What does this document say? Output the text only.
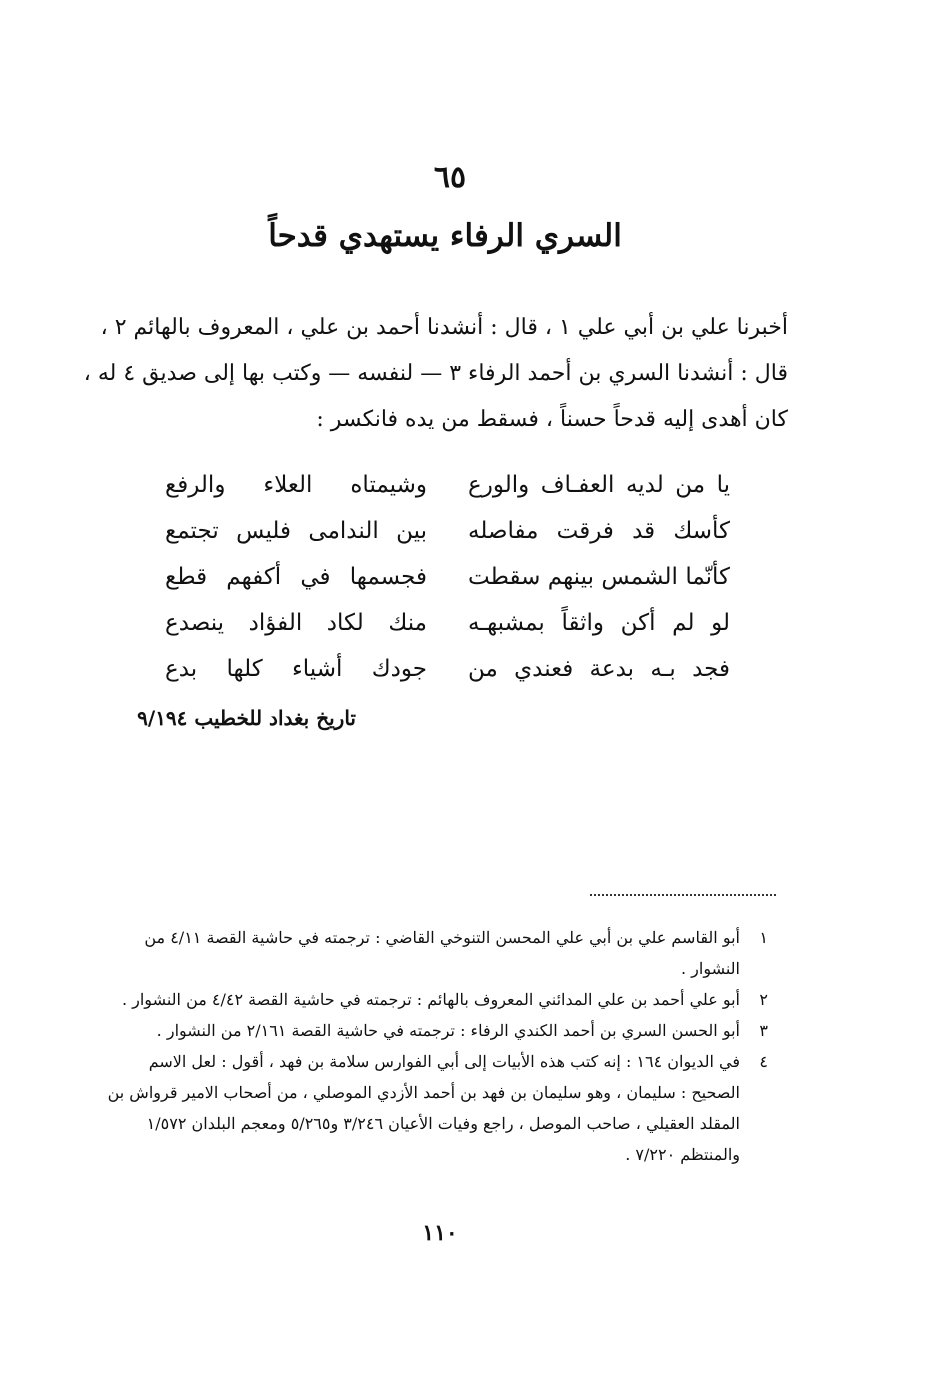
٦٥
السري الرفاء يستهدي قدحاً
أخبرنا علي بن أبي علي ١ ، قال : أنشدنا أحمد بن علي ، المعروف بالهائم ٢ ،
قال : أنشدنا السري بن أحمد الرفاء ٣ — لنفسه — وكتب بها إلى صديق ٤ له ،
كان أهدى إليه قدحاً حسناً ، فسقط من يده فانكسر :
يا من لديه العفـاف والورع
وشيمتاه العلاء والرفع
كأسك قد فرقت مفاصله
بين الندامى فليس تجتمع
كأنّما الشمس بينهم سقطت
فجسمها في أكفهم قطع
لو لم أكن واثقاً بمشبهـه
منك لكاد الفؤاد ينصدع
فجد بـه بدعة فعندي من
جودك أشياء كلها بدع
تاريخ بغداد للخطيب ٩/١٩٤
١
أبو القاسم علي بن أبي علي المحسن التنوخي القاضي : ترجمته في حاشية القصة ٤/١١ من النشوار .
٢
أبو علي أحمد بن علي المدائني المعروف بالهائم : ترجمته في حاشية القصة ٤/٤٢ من النشوار .
٣
أبو الحسن السري بن أحمد الكندي الرفاء : ترجمته في حاشية القصة ٢/١٦١ من النشوار .
٤
في الديوان ١٦٤ : إنه كتب هذه الأبيات إلى أبي الفوارس سلامة بن فهد ، أقول : لعل الاسم الصحيح : سليمان ، وهو سليمان بن فهد بن أحمد الأزدي الموصلي ، من أصحاب الامير قرواش بن المقلد العقيلي ، صاحب الموصل ، راجع وفيات الأعيان ٣/٢٤٦ و٥/٢٦٥ ومعجم البلدان ١/٥٧٢ والمنتظم ٧/٢٢٠ .
١١٠
